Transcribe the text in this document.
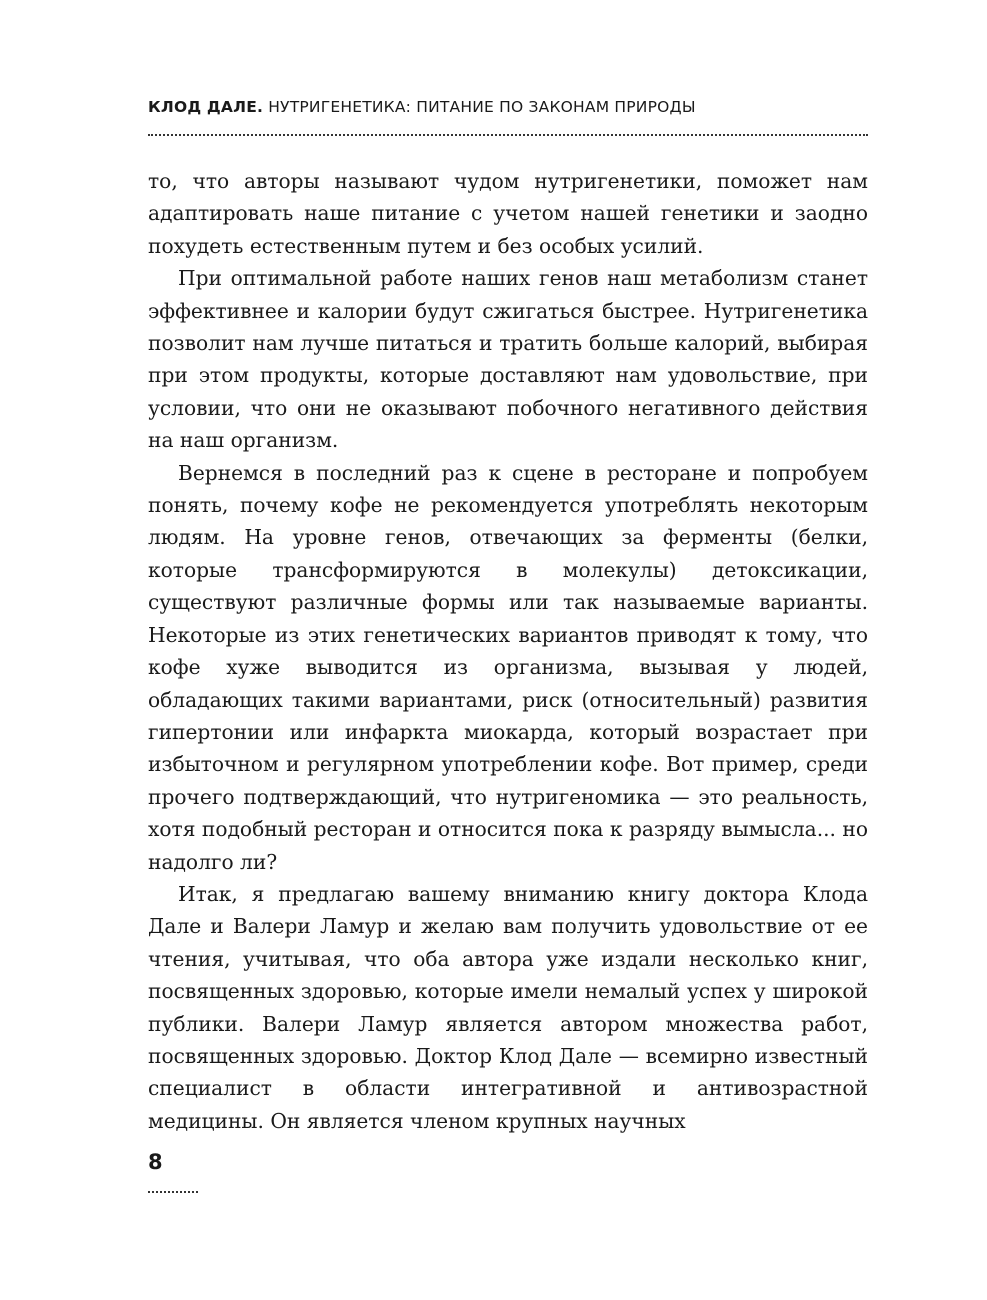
КЛОД ДАЛЕ. НУТРИГЕНЕТИКА: ПИТАНИЕ ПО ЗАКОНАМ ПРИРОДЫ

то, что авторы называют чудом нутригенетики, поможет нам адаптировать наше питание с учетом нашей генетики и заодно похудеть естественным путем и без особых усилий.

При оптимальной работе наших генов наш метаболизм станет эффективнее и калории будут сжигаться быстрее. Нутригенетика позволит нам лучше питаться и тратить больше калорий, выбирая при этом продукты, которые доставляют нам удовольствие, при условии, что они не оказывают побочного негативного действия на наш организм.

Вернемся в последний раз к сцене в ресторане и попробуем понять, почему кофе не рекомендуется употреблять некоторым людям. На уровне генов, отвечающих за ферменты (белки, которые трансформируются в молекулы) детоксикации, существуют различные формы или так называемые варианты. Некоторые из этих генетических вариантов приводят к тому, что кофе хуже выводится из организма, вызывая у людей, обладающих такими вариантами, риск (относительный) развития гипертонии или инфаркта миокарда, который возрастает при избыточном и регулярном употреблении кофе. Вот пример, среди прочего подтверждающий, что нутригеномика — это реальность, хотя подобный ресторан и относится пока к разряду вымысла... но надолго ли?

Итак, я предлагаю вашему вниманию книгу доктора Клода Дале и Валери Ламур и желаю вам получить удовольствие от ее чтения, учитывая, что оба автора уже издали несколько книг, посвященных здоровью, которые имели немалый успех у широкой публики. Валери Ламур является автором множества работ, посвященных здоровью. Доктор Клод Дале — всемирно известный специалист в области интегративной и антивозрастной медицины. Он является членом крупных научных

8
